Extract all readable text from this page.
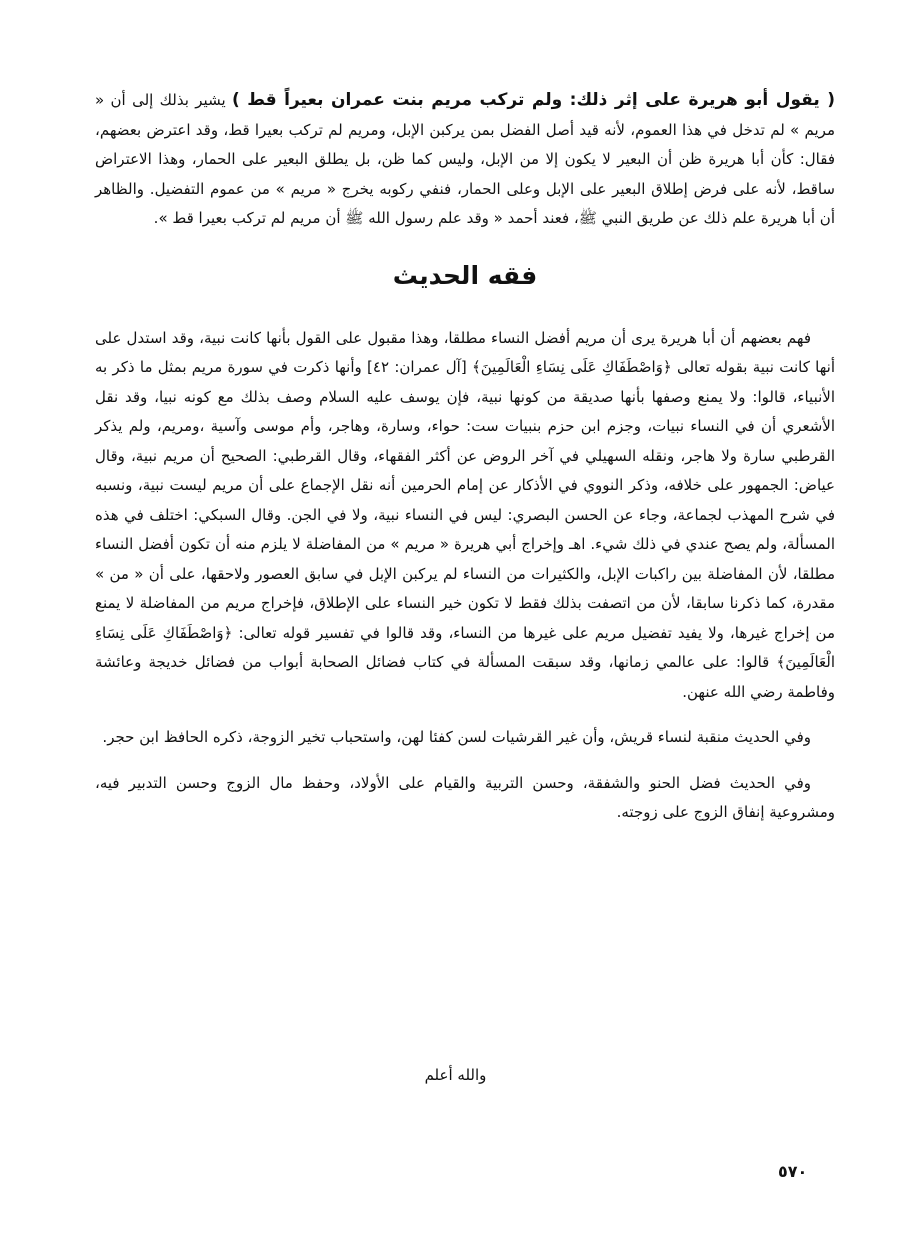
( يقول أبو هريرة على إثر ذلك: ولم تركب مريم بنت عمران بعيراً قط ) يشير بذلك إلى أن « مريم » لم تدخل في هذا العموم، لأنه قيد أصل الفضل بمن يركبن الإبل، ومريم لم تركب بعيرا قط، وقد اعترض بعضهم، فقال: كأن أبا هريرة ظن أن البعير لا يكون إلا من الإبل، وليس كما ظن، بل يطلق البعير على الحمار، وهذا الاعتراض ساقط، لأنه على فرض إطلاق البعير على الإبل وعلى الحمار، فنفي ركوبه يخرج « مريم » من عموم التفضيل. والظاهر أن أبا هريرة علم ذلك عن طريق النبي ﷺ، فعند أحمد « وقد علم رسول الله ﷺ أن مريم لم تركب بعيرا قط ».

فقه الحديث

فهم بعضهم أن أبا هريرة يرى أن مريم أفضل النساء مطلقا، وهذا مقبول على القول بأنها كانت نبية، وقد استدل على أنها كانت نبية بقوله تعالى ﴿وَاصْطَفَاكِ عَلَى نِسَاءِ الْعَالَمِينَ﴾ [آل عمران: ٤٢] وأنها ذكرت في سورة مريم بمثل ما ذكر به الأنبياء، قالوا: ولا يمنع وصفها بأنها صديقة من كونها نبية، فإن يوسف عليه السلام وصف بذلك مع كونه نبيا، وقد نقل الأشعري أن في النساء نبيات، وجزم ابن حزم بنبيات ست: حواء، وسارة، وهاجر، وأم موسى وآسية ،ومريم، ولم يذكر القرطبي سارة ولا هاجر، ونقله السهيلي في آخر الروض عن أكثر الفقهاء، وقال القرطبي: الصحيح أن مريم نبية، وقال عياض: الجمهور على خلافه، وذكر النووي في الأذكار عن إمام الحرمين أنه نقل الإجماع على أن مريم ليست نبية، ونسبه في شرح المهذب لجماعة، وجاء عن الحسن البصري: ليس في النساء نبية، ولا في الجن. وقال السبكي: اختلف في هذه المسألة، ولم يصح عندي في ذلك شيء. اهـ وإخراج أبي هريرة « مريم » من المفاضلة لا يلزم منه أن تكون أفضل النساء مطلقا، لأن المفاضلة بين راكبات الإبل، والكثيرات من النساء لم يركبن الإبل في سابق العصور ولاحقها، على أن « من » مقدرة، كما ذكرنا سابقا، لأن من اتصفت بذلك فقط لا تكون خير النساء على الإطلاق، فإخراج مريم من المفاضلة لا يمنع من إخراج غيرها، ولا يفيد تفضيل مريم على غيرها من النساء، وقد قالوا في تفسير قوله تعالى: ﴿وَاصْطَفَاكِ عَلَى نِسَاءِ الْعَالَمِينَ﴾ قالوا: على عالمي زمانها، وقد سبقت المسألة في كتاب فضائل الصحابة أبواب من فضائل خديجة وعائشة وفاطمة رضي الله عنهن.

وفي الحديث منقبة لنساء قريش، وأن غير القرشيات لسن كفئا لهن، واستحباب تخير الزوجة، ذكره الحافظ ابن حجر.

وفي الحديث فضل الحنو والشفقة، وحسن التربية والقيام على الأولاد، وحفظ مال الزوج وحسن التدبير فيه، ومشروعية إنفاق الزوج على زوجته.

والله أعلم
٥٧٠
